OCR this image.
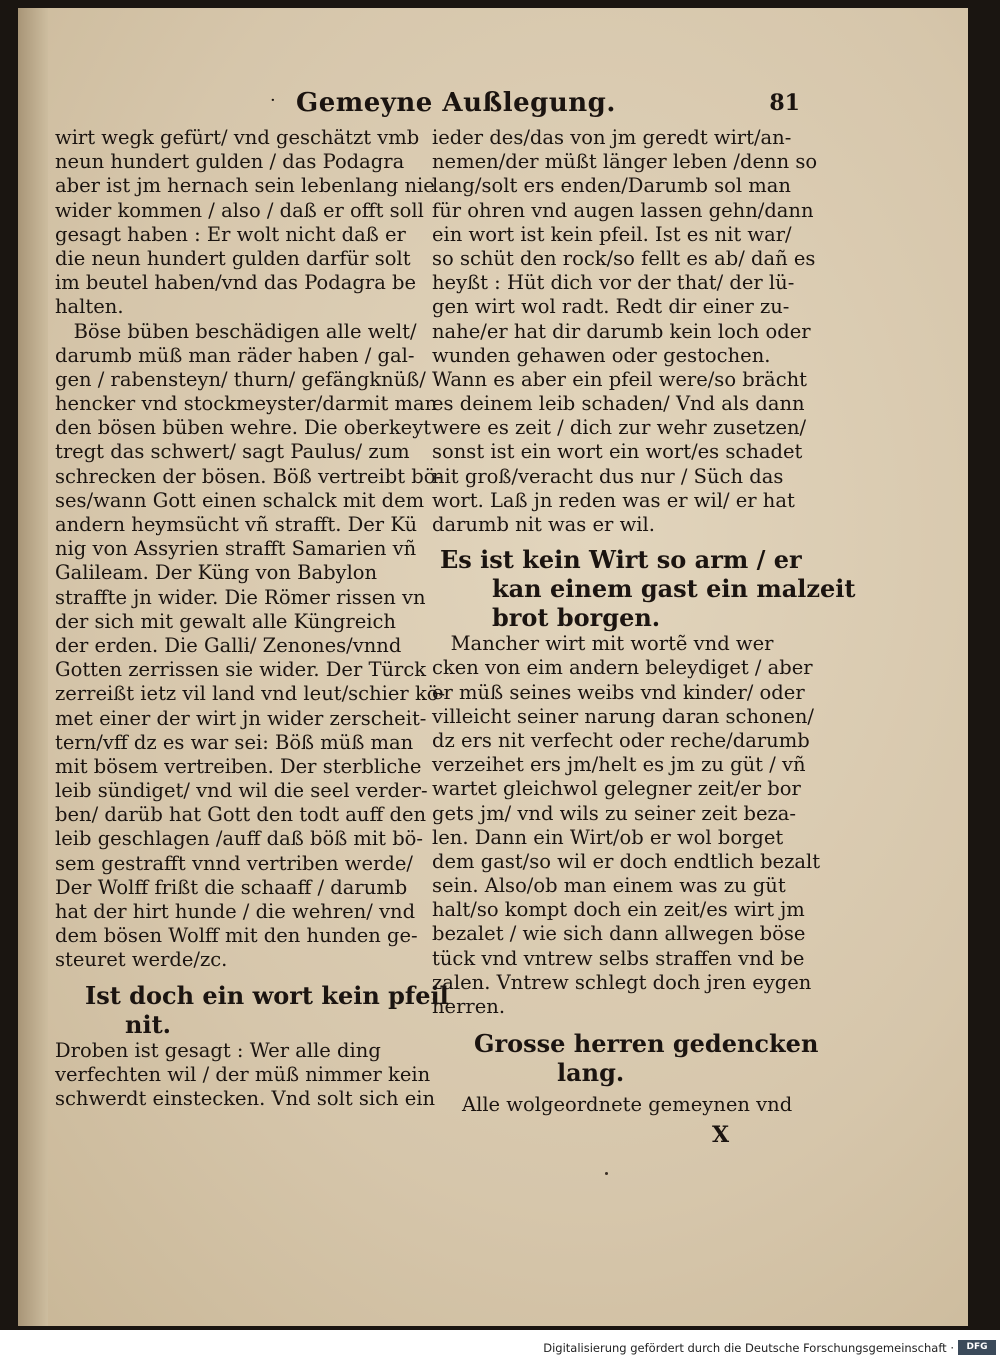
· Gemeyne Außlegung.	81
wirt wegk gefürt/ vnd geschätzt vmb
neun hundert gulden / das Podagra
aber ist jm hernach sein lebenlang nie
wider kommen / also / daß er offt soll
gesagt haben : Er wolt nicht daß er
die neun hundert gulden darfür solt
im beutel haben/vnd das Podagra be
halten.
Böse büben beschädigen alle welt/
darumb müß man räder haben / gal-
gen / rabensteyn/ thurn/ gefängknüß/
hencker vnd stockmeyster/darmit man
den bösen büben wehre. Die oberkeyt
tregt das schwert/ sagt Paulus/ zum
schrecken der bösen. Böß vertreibt bö-
ses/wann Gott einen schalck mit dem
andern heymsücht vñ strafft. Der Kü
nig von Assyrien strafft Samarien vñ
Galileam. Der Küng von Babylon
straffte jn wider. Die Römer rissen vn
der sich mit gewalt alle Küngreich
der erden. Die Galli/ Zenones/vnnd
Gotten zerrissen sie wider. Der Türck
zerreißt ietz vil land vnd leut/schier kö-
met einer der wirt jn wider zerscheit-
tern/vff dz es war sei: Böß müß man
mit bösem vertreiben. Der sterbliche
leib sündiget/ vnd wil die seel verder-
ben/ darüb hat Gott den todt auff den
leib geschlagen /auff daß böß mit bö-
sem gestrafft vnnd vertriben werde/
Der Wolff frißt die schaaff / darumb
hat der hirt hunde / die wehren/ vnd
dem bösen Wolff mit den hunden ge-
steuret werde/zc.
Ist doch ein wort kein pfeil
nit.
Droben ist gesagt : Wer alle ding
verfechten wil / der müß nimmer kein
schwerdt einstecken. Vnd solt sich ein
ieder des/das von jm geredt wirt/an-
nemen/der müßt länger leben /denn so
lang/solt ers enden/Darumb sol man
für ohren vnd augen lassen gehn/dann
ein wort ist kein pfeil. Ist es nit war/
so schüt den rock/so fellt es ab/ dañ es
heyßt : Hüt dich vor der that/ der lü-
gen wirt wol radt. Redt dir einer zu-
nahe/er hat dir darumb kein loch oder
wunden gehawen oder gestochen.
Wann es aber ein pfeil were/so brächt
es deinem leib schaden/ Vnd als dann
were es zeit / dich zur wehr zusetzen/
sonst ist ein wort ein wort/es schadet
nit groß/veracht dus nur / Süch das
wort. Laß jn reden was er wil/ er hat
darumb nit was er wil.
Es ist kein Wirt so arm / er
kan einem gast ein malzeit
brot borgen.
Mancher wirt mit wortẽ vnd wer
cken von eim andern beleydiget / aber
er müß seines weibs vnd kinder/ oder
villeicht seiner narung daran schonen/
dz ers nit verfecht oder reche/darumb
verzeihet ers jm/helt es jm zu güt / vñ
wartet gleichwol gelegner zeit/er bor
gets jm/ vnd wils zu seiner zeit beza-
len. Dann ein Wirt/ob er wol borget
dem gast/so wil er doch endtlich bezalt
sein. Also/ob man einem was zu güt
halt/so kompt doch ein zeit/es wirt jm
bezalet / wie sich dann allwegen böse
tück vnd vntrew selbs straffen vnd be
zalen. Vntrew schlegt doch jren eygen
herren.
Grosse herren gedencken
lang.
Alle wolgeordnete gemeynen vnd
X
Digitalisierung gefördert durch die Deutsche Forschungsgemeinschaft ·	DFG
